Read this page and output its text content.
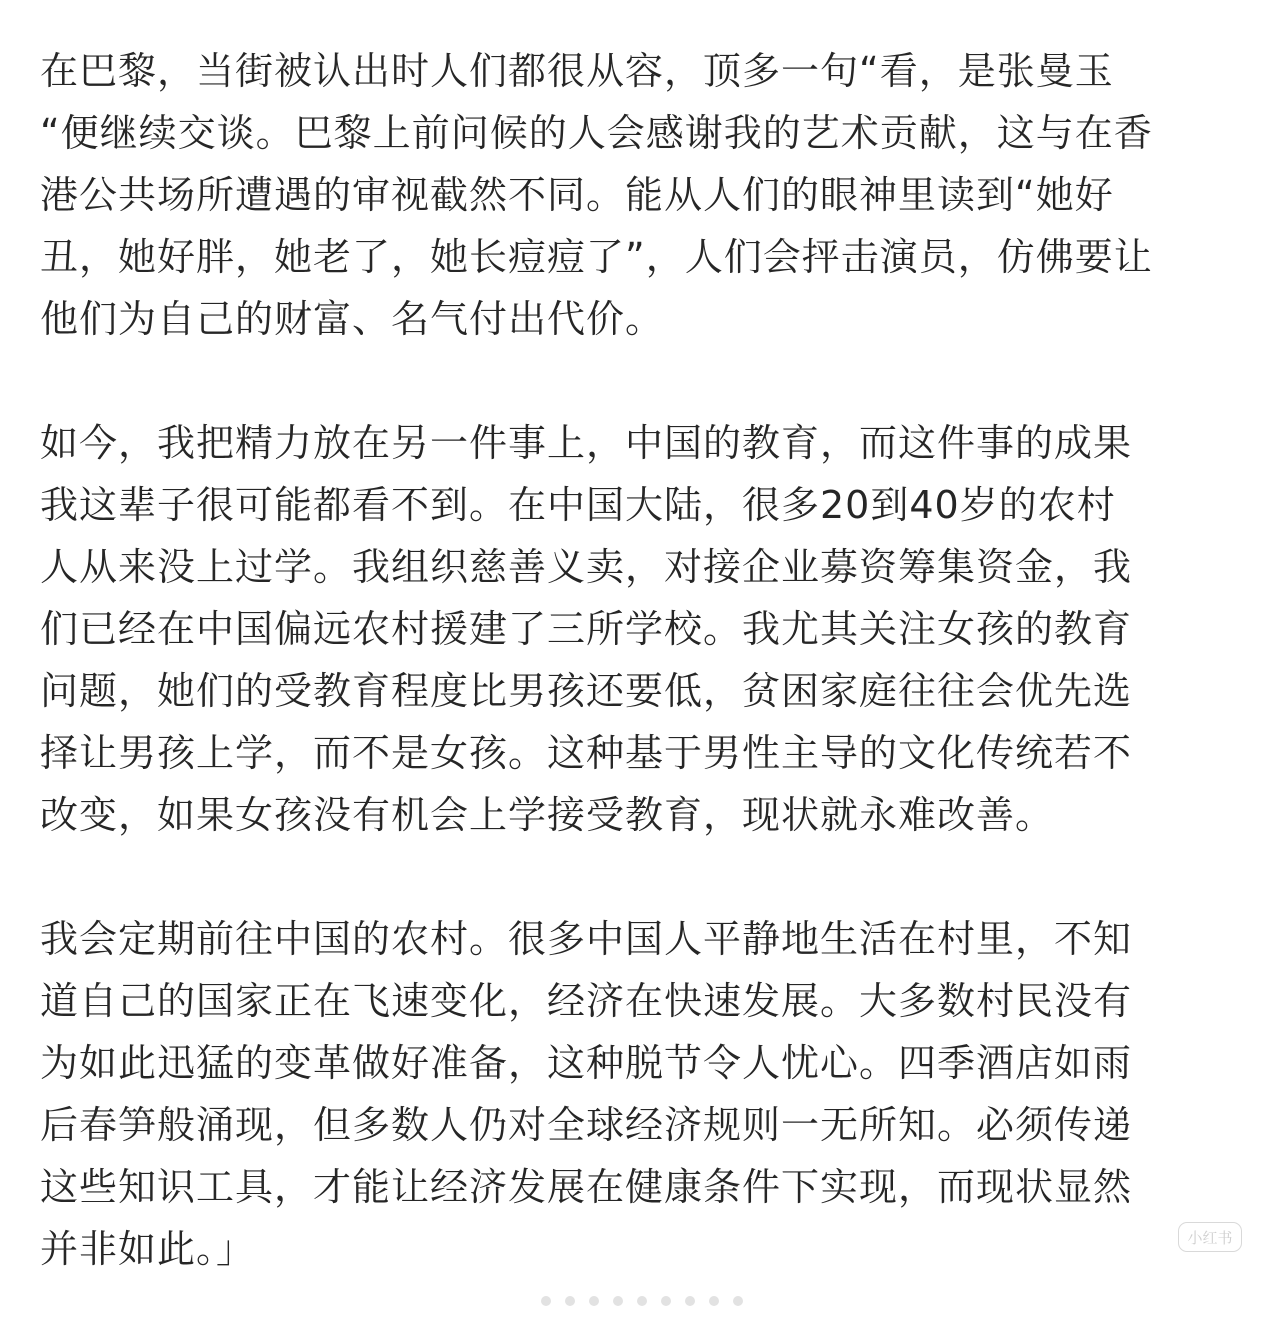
在巴黎，当街被认出时人们都很从容，顶多一句“看，是张曼玉
“便继续交谈。巴黎上前问候的人会感谢我的艺术贡献，这与在香
港公共场所遭遇的审视截然不同。能从人们的眼神里读到“她好
丑，她好胖，她老了，她长痘痘了”，人们会抨击演员，仿佛要让
他们为自己的财富、名气付出代价。

如今，我把精力放在另一件事上，中国的教育，而这件事的成果
我这辈子很可能都看不到。在中国大陆，很多20到40岁的农村
人从来没上过学。我组织慈善义卖，对接企业募资筹集资金，我
们已经在中国偏远农村援建了三所学校。我尤其关注女孩的教育
问题，她们的受教育程度比男孩还要低，贫困家庭往往会优先选
择让男孩上学，而不是女孩。这种基于男性主导的文化传统若不
改变，如果女孩没有机会上学接受教育，现状就永难改善。

我会定期前往中国的农村。很多中国人平静地生活在村里，不知
道自己的国家正在飞速变化，经济在快速发展。大多数村民没有
为如此迅猛的变革做好准备，这种脱节令人忧心。四季酒店如雨
后春笋般涌现，但多数人仍对全球经济规则一无所知。必须传递
这些知识工具，才能让经济发展在健康条件下实现，而现状显然
并非如此。」	小红书
